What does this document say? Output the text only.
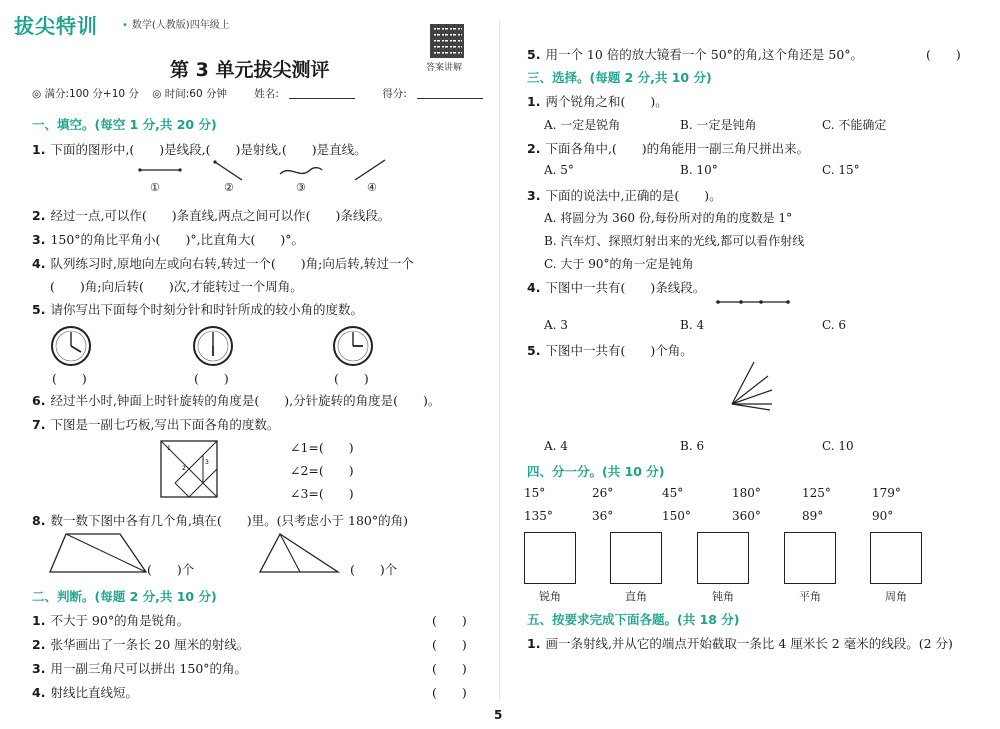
拔尖特训 • 数学(人教版)四年级上
答案讲解
第 3 单元拔尖测评
◎ 满分:100 分+10 分 ◎ 时间:60 分钟	姓名:	得分:
一、填空。(每空 1 分,共 20 分)
1. 下面的图形中,(　　)是线段,(　　)是射线,(　　)是直线。
①	②	③	④
2. 经过一点,可以作(　　)条直线,两点之间可以作(　　)条线段。
3. 150°的角比平角小(　　)°,比直角大(　　)°。
4. 队列练习时,原地向左或向右转,转过一个(　　)角;向后转,转过一个
(　　)角;向后转(　　)次,才能转过一个周角。
5. 请你写出下面每个时刻分针和时针所成的较小角的度数。
(　　)	(　　)	(　　)
6. 经过半小时,钟面上时针旋转的角度是(　　),分针旋转的角度是(　　)。
7. 下图是一副七巧板,写出下面各角的度数。
1
2
3
∠1=(　　)
∠2=(　　)
∠3=(　　)
8. 数一数下图中各有几个角,填在(　　)里。(只考虑小于 180°的角)
(　　)个	(　　)个
二、判断。(每题 2 分,共 10 分)
1. 不大于 90°的角是锐角。	(　　)
2. 张华画出了一条长 20 厘米的射线。	(　　)
3. 用一副三角尺可以拼出 150°的角。	(　　)
4. 射线比直线短。	(　　)
5. 用一个 10 倍的放大镜看一个 50°的角,这个角还是 50°。	(　　)
三、选择。(每题 2 分,共 10 分)
1. 两个锐角之和(　　)。
A. 一定是锐角	B. 一定是钝角	C. 不能确定
2. 下面各角中,(　　)的角能用一副三角尺拼出来。
A. 5°	B. 10°	C. 15°
3. 下面的说法中,正确的是(　　)。
A. 将圆分为 360 份,每份所对的角的度数是 1°
B. 汽车灯、探照灯射出来的光线,都可以看作射线
C. 大于 90°的角一定是钝角
4. 下图中一共有(　　)条线段。
A. 3	B. 4	C. 6
5. 下图中一共有(　　)个角。
A. 4	B. 6	C. 10
四、分一分。(共 10 分)
15°	26°	45°	180°	125°	179°
135°	36°	150°	360°	89°	90°
锐角	直角	钝角	平角	周角
五、按要求完成下面各题。(共 18 分)
1. 画一条射线,并从它的端点开始截取一条比 4 厘米长 2 毫米的线段。(2 分)
5
